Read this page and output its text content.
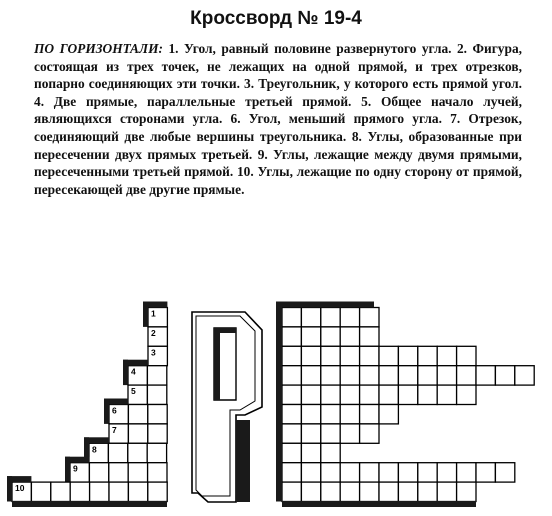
Кроссворд № 19-4
ПО ГОРИЗОНТАЛИ: 1. Угол, равный половине развернутого угла. 2. Фигура, состоящая из трех точек, не лежащих на одной прямой, и трех отрезков, попарно соединяющих эти точки. 3. Треугольник, у которого есть прямой угол. 4. Две прямые, параллельные третьей прямой. 5. Общее начало лучей, являющихся сторонами угла. 6. Угол, меньший прямого угла. 7. Отрезок, соединяющий две любые вершины треугольника. 8. Углы, образованные при пересечении двух прямых третьей. 9. Углы, лежащие между двумя прямыми, пересеченными третьей прямой. 10. Углы, лежащие по одну сторону от прямой, пересекающей две другие прямые.
1
2
3
4
5
6
7
8
9
10
